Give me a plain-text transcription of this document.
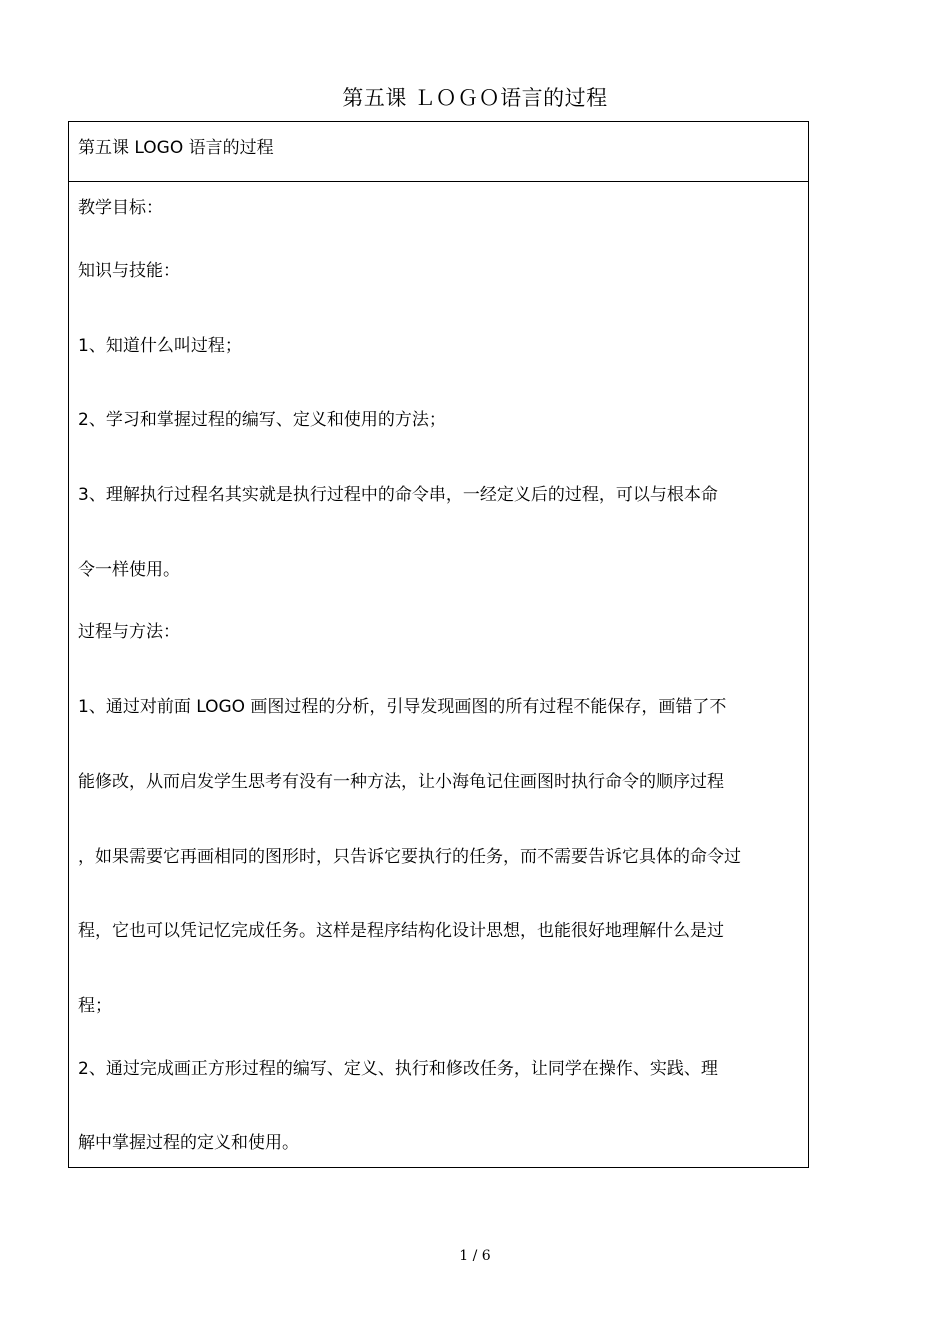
第五课 ＬＯＧＯ语言的过程
第五课 LOGO 语言的过程
教学目标：
知识与技能：
1、知道什么叫过程；
2、学习和掌握过程的编写、定义和使用的方法；
3、理解执行过程名其实就是执行过程中的命令串，一经定义后的过程，可以与根本命
令一样使用。
过程与方法：
1、通过对前面 LOGO 画图过程的分析，引导发现画图的所有过程不能保存，画错了不
能修改，从而启发学生思考有没有一种方法，让小海龟记住画图时执行命令的顺序过程
，如果需要它再画相同的图形时，只告诉它要执行的任务，而不需要告诉它具体的命令过
程，它也可以凭记忆完成任务。这样是程序结构化设计思想，也能很好地理解什么是过
程；
2、通过完成画正方形过程的编写、定义、执行和修改任务，让同学在操作、实践、理
解中掌握过程的定义和使用。
1 / 6
